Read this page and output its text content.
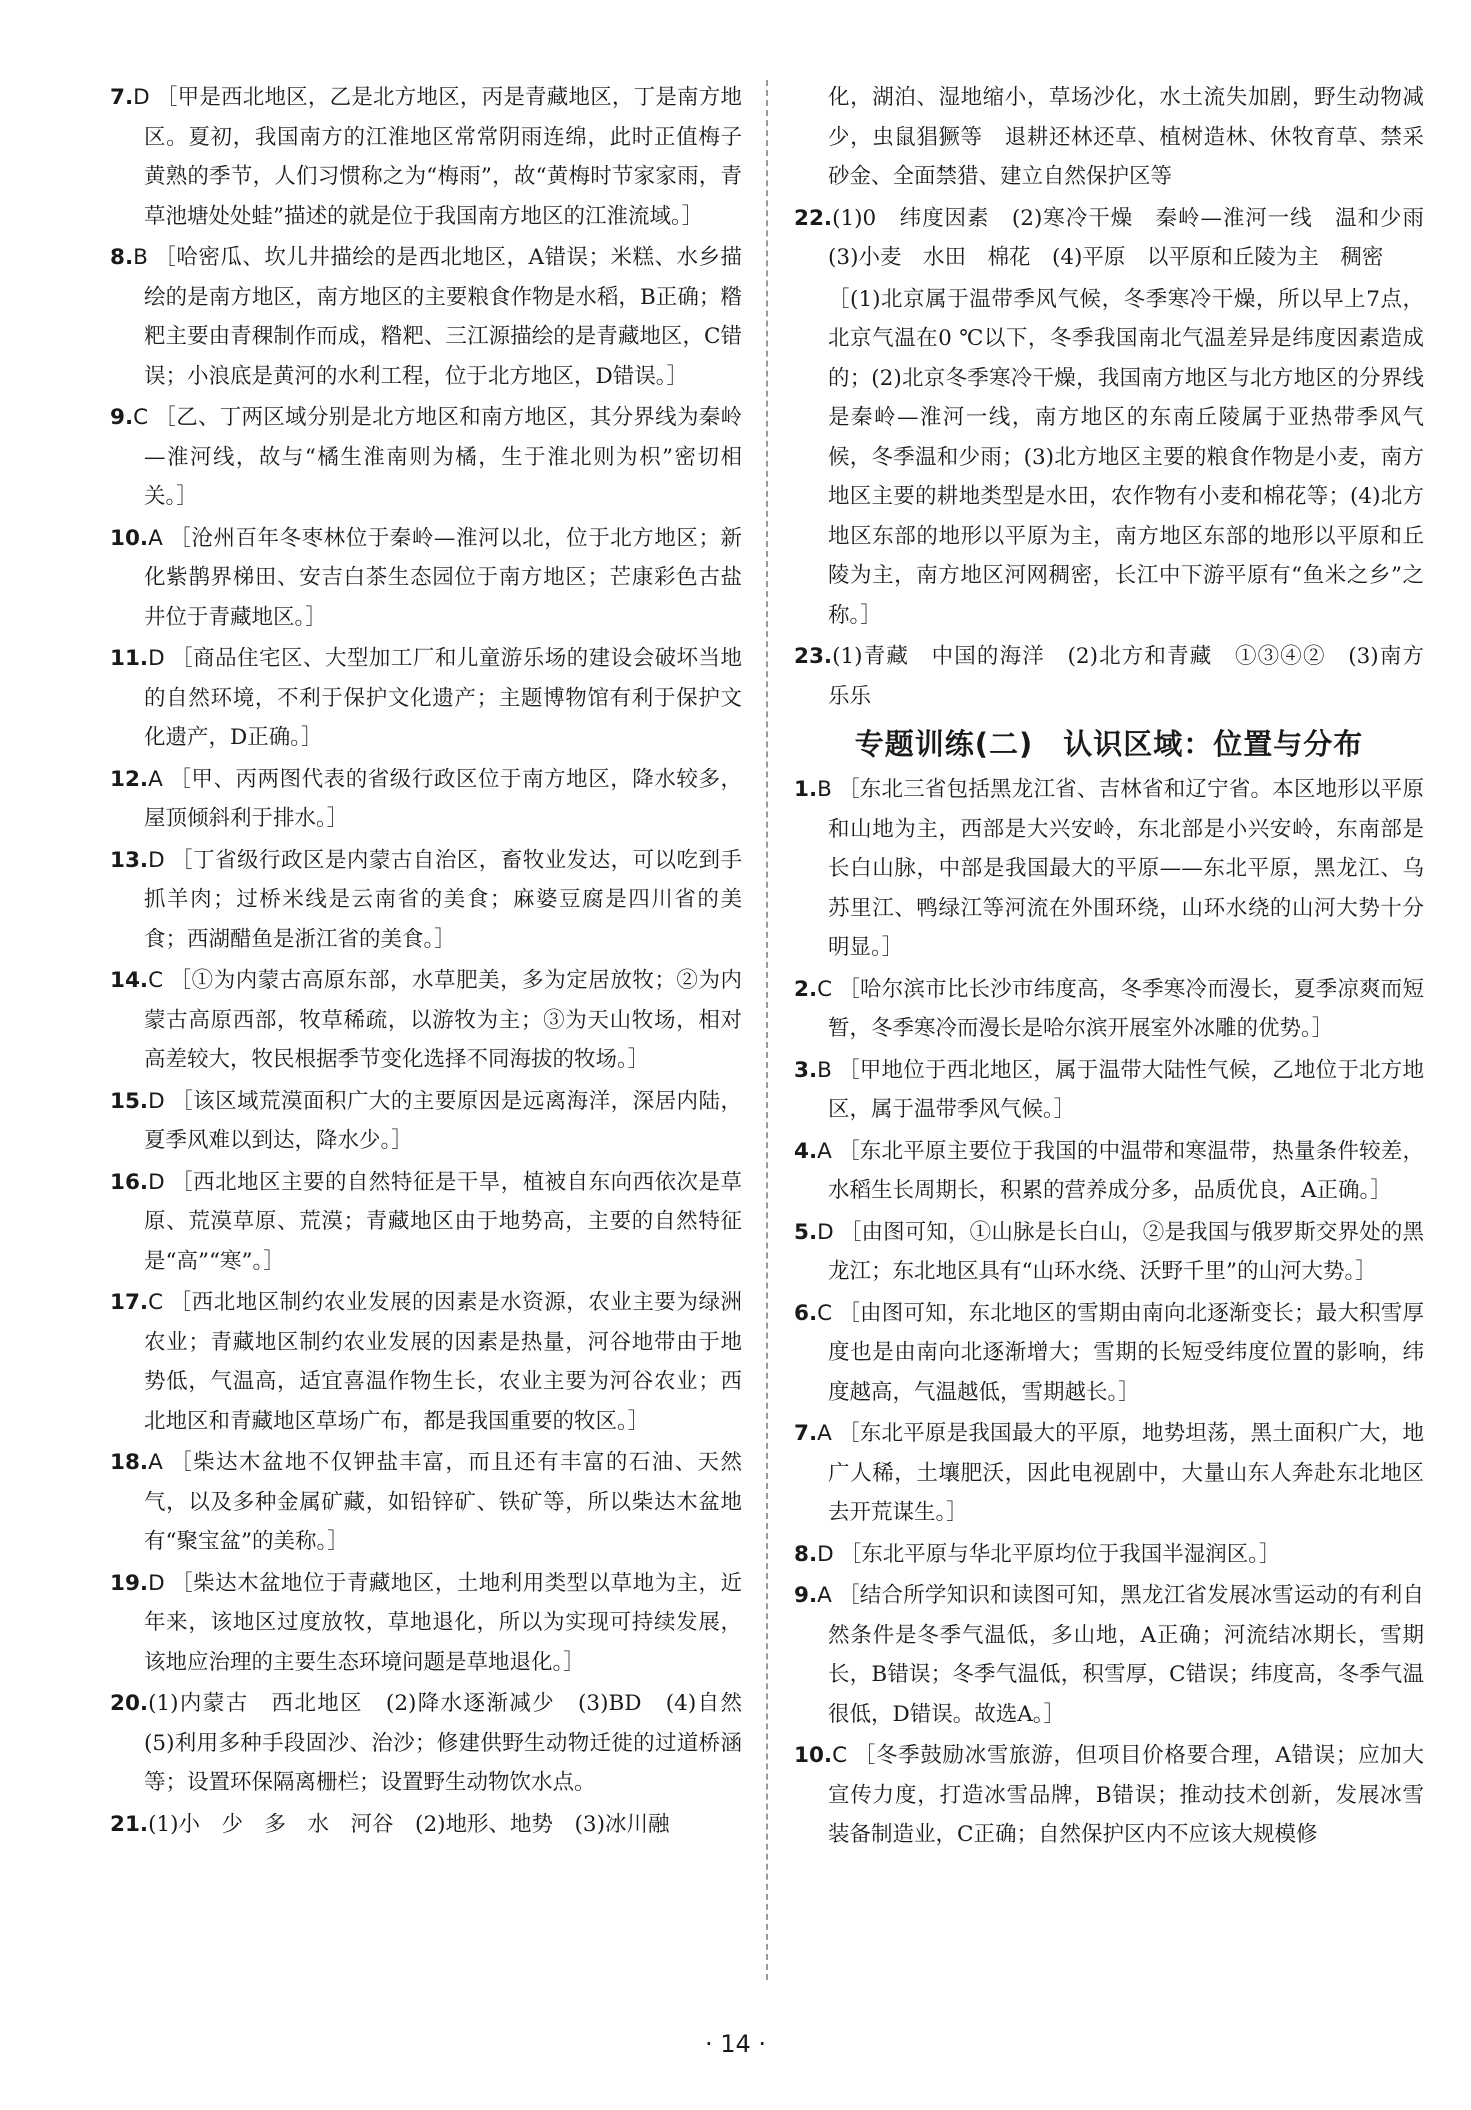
7.D ［甲是西北地区，乙是北方地区，丙是青藏地区，丁是南方地区。夏初，我国南方的江淮地区常常阴雨连绵，此时正值梅子黄熟的季节，人们习惯称之为“梅雨”，故“黄梅时节家家雨，青草池塘处处蛙”描述的就是位于我国南方地区的江淮流域。］

8.B ［哈密瓜、坎儿井描绘的是西北地区，A错误；米糕、水乡描绘的是南方地区，南方地区的主要粮食作物是水稻，B正确；糌粑主要由青稞制作而成，糌粑、三江源描绘的是青藏地区，C错误；小浪底是黄河的水利工程，位于北方地区，D错误。］

9.C ［乙、丁两区域分别是北方地区和南方地区，其分界线为秦岭—淮河线，故与“橘生淮南则为橘，生于淮北则为枳”密切相关。］

10.A ［沧州百年冬枣林位于秦岭—淮河以北，位于北方地区；新化紫鹊界梯田、安吉白茶生态园位于南方地区；芒康彩色古盐井位于青藏地区。］

11.D ［商品住宅区、大型加工厂和儿童游乐场的建设会破坏当地的自然环境，不利于保护文化遗产；主题博物馆有利于保护文化遗产，D正确。］

12.A ［甲、丙两图代表的省级行政区位于南方地区，降水较多，屋顶倾斜利于排水。］

13.D ［丁省级行政区是内蒙古自治区，畜牧业发达，可以吃到手抓羊肉；过桥米线是云南省的美食；麻婆豆腐是四川省的美食；西湖醋鱼是浙江省的美食。］

14.C ［①为内蒙古高原东部，水草肥美，多为定居放牧；②为内蒙古高原西部，牧草稀疏，以游牧为主；③为天山牧场，相对高差较大，牧民根据季节变化选择不同海拔的牧场。］

15.D ［该区域荒漠面积广大的主要原因是远离海洋，深居内陆，夏季风难以到达，降水少。］

16.D ［西北地区主要的自然特征是干旱，植被自东向西依次是草原、荒漠草原、荒漠；青藏地区由于地势高，主要的自然特征是“高”“寒”。］

17.C ［西北地区制约农业发展的因素是水资源，农业主要为绿洲农业；青藏地区制约农业发展的因素是热量，河谷地带由于地势低，气温高，适宜喜温作物生长，农业主要为河谷农业；西北地区和青藏地区草场广布，都是我国重要的牧区。］

18.A ［柴达木盆地不仅钾盐丰富，而且还有丰富的石油、天然气，以及多种金属矿藏，如铅锌矿、铁矿等，所以柴达木盆地有“聚宝盆”的美称。］

19.D ［柴达木盆地位于青藏地区，土地利用类型以草地为主，近年来，该地区过度放牧，草地退化，所以为实现可持续发展，该地应治理的主要生态环境问题是草地退化。］

20.(1)内蒙古　西北地区　(2)降水逐渐减少　(3)BD　(4)自然　(5)利用多种手段固沙、治沙；修建供野生动物迁徙的过道桥涵等；设置环保隔离栅栏；设置野生动物饮水点。

21.(1)小　少　多　水　河谷　(2)地形、地势　(3)冰川融

化，湖泊、湿地缩小，草场沙化，水土流失加剧，野生动物减少，虫鼠猖獗等　退耕还林还草、植树造林、休牧育草、禁采砂金、全面禁猎、建立自然保护区等

22.(1)0　纬度因素　(2)寒冷干燥　秦岭—淮河一线　温和少雨　(3)小麦　水田　棉花　(4)平原　以平原和丘陵为主　稠密

［(1)北京属于温带季风气候，冬季寒冷干燥，所以早上7点，北京气温在0 ℃以下，冬季我国南北气温差异是纬度因素造成的；(2)北京冬季寒冷干燥，我国南方地区与北方地区的分界线是秦岭—淮河一线，南方地区的东南丘陵属于亚热带季风气候，冬季温和少雨；(3)北方地区主要的粮食作物是小麦，南方地区主要的耕地类型是水田，农作物有小麦和棉花等；(4)北方地区东部的地形以平原为主，南方地区东部的地形以平原和丘陵为主，南方地区河网稠密，长江中下游平原有“鱼米之乡”之称。］

23.(1)青藏　中国的海洋　(2)北方和青藏　①③④②　(3)南方　乐乐

专题训练(二)　认识区域：位置与分布

1.B ［东北三省包括黑龙江省、吉林省和辽宁省。本区地形以平原和山地为主，西部是大兴安岭，东北部是小兴安岭，东南部是长白山脉，中部是我国最大的平原——东北平原，黑龙江、乌苏里江、鸭绿江等河流在外围环绕，山环水绕的山河大势十分明显。］

2.C ［哈尔滨市比长沙市纬度高，冬季寒冷而漫长，夏季凉爽而短暂，冬季寒冷而漫长是哈尔滨开展室外冰雕的优势。］

3.B ［甲地位于西北地区，属于温带大陆性气候，乙地位于北方地区，属于温带季风气候。］

4.A ［东北平原主要位于我国的中温带和寒温带，热量条件较差，水稻生长周期长，积累的营养成分多，品质优良，A正确。］

5.D ［由图可知，①山脉是长白山，②是我国与俄罗斯交界处的黑龙江；东北地区具有“山环水绕、沃野千里”的山河大势。］

6.C ［由图可知，东北地区的雪期由南向北逐渐变长；最大积雪厚度也是由南向北逐渐增大；雪期的长短受纬度位置的影响，纬度越高，气温越低，雪期越长。］

7.A ［东北平原是我国最大的平原，地势坦荡，黑土面积广大，地广人稀，土壤肥沃，因此电视剧中，大量山东人奔赴东北地区去开荒谋生。］

8.D ［东北平原与华北平原均位于我国半湿润区。］

9.A ［结合所学知识和读图可知，黑龙江省发展冰雪运动的有利自然条件是冬季气温低，多山地，A正确；河流结冰期长，雪期长，B错误；冬季气温低，积雪厚，C错误；纬度高，冬季气温很低，D错误。故选A。］

10.C ［冬季鼓励冰雪旅游，但项目价格要合理，A错误；应加大宣传力度，打造冰雪品牌，B错误；推动技术创新，发展冰雪装备制造业，C正确；自然保护区内不应该大规模修

· 14 ·
